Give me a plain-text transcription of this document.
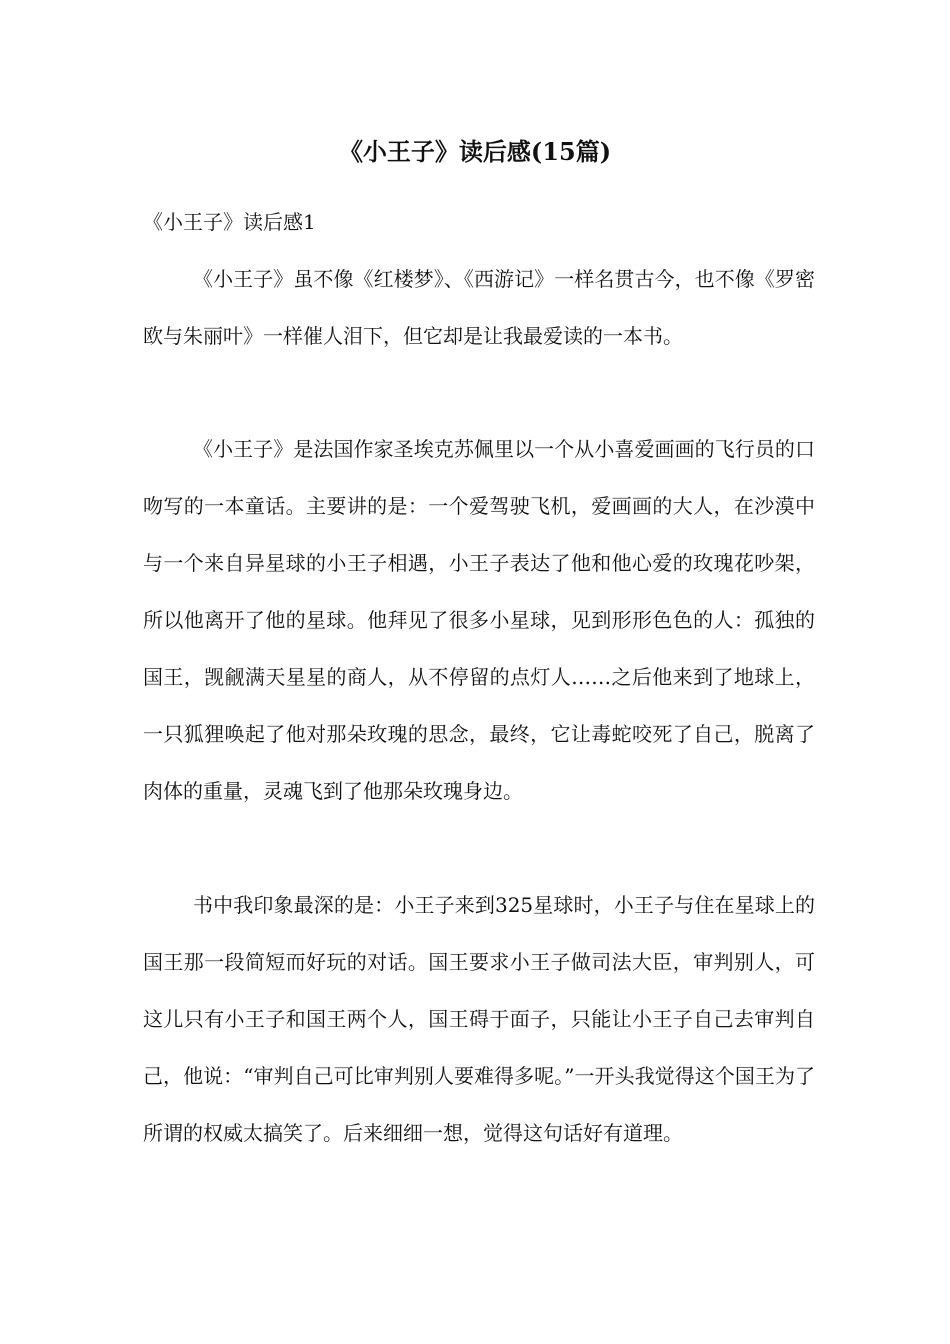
《小王子》读后感(15篇)

《小王子》读后感1

《小王子》虽不像《红楼梦》、《西游记》一样名贯古今，也不像《罗密欧与朱丽叶》一样催人泪下，但它却是让我最爱读的一本书。

《小王子》是法国作家圣埃克苏佩里以一个从小喜爱画画的飞行员的口吻写的一本童话。主要讲的是：一个爱驾驶飞机，爱画画的大人，在沙漠中与一个来自异星球的小王子相遇，小王子表达了他和他心爱的玫瑰花吵架，所以他离开了他的星球。他拜见了很多小星球，见到形形色色的人：孤独的国王，觊觎满天星星的商人，从不停留的点灯人……之后他来到了地球上，一只狐狸唤起了他对那朵玫瑰的思念，最终，它让毒蛇咬死了自己，脱离了肉体的重量，灵魂飞到了他那朵玫瑰身边。

书中我印象最深的是：小王子来到325星球时，小王子与住在星球上的国王那一段简短而好玩的对话。国王要求小王子做司法大臣，审判别人，可这儿只有小王子和国王两个人，国王碍于面子，只能让小王子自己去审判自己，他说：“审判自己可比审判别人要难得多呢。”一开头我觉得这个国王为了所谓的权威太搞笑了。后来细细一想，觉得这句话好有道理。
